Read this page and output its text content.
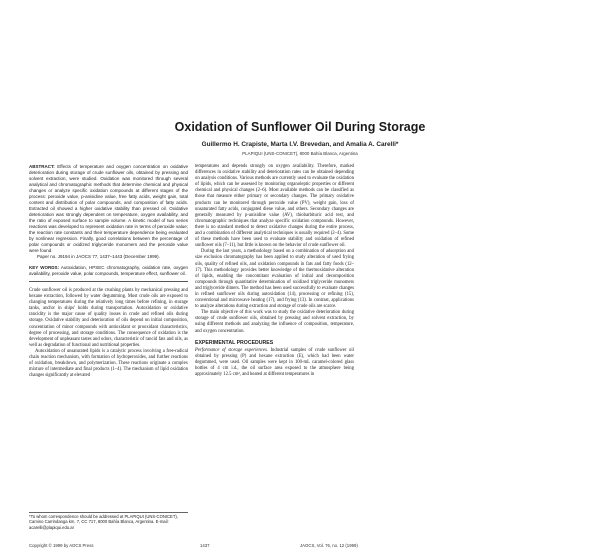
Oxidation of Sunflower Oil During Storage
Guillermo H. Crapiste, Marta I.V. Brevedan, and Amalia A. Carelli*
PLAPIQUI (UNS-CONICET), 8000 Bahía Blanca, Argentina
ABSTRACT: Effects of temperature and oxygen concentration on oxidative deterioration during storage of crude sunflower oils, obtained by pressing and solvent extraction, were studied. Oxidation was monitored through several analytical and chromatographic methods that determine chemical and physical changes or analyze specific oxidation compounds at different stages of the process: peroxide value, p-anisidine value, free fatty acids, weight gain, total content and distribution of polar compounds, and composition of fatty acids. Extracted oil showed a higher oxidative stability than pressed oil. Oxidative deterioration was strongly dependent on temperature, oxygen availability, and the ratio of exposed surface to sample volume. A kinetic model of two series reactions was developed to represent oxidation rate in terms of peroxide value; the reaction rate constants and their temperature dependence being evaluated by nonlinear regression. Finally, good correlations between the percentage of polar compounds or oxidized triglyceride monomers and the peroxide value were found.
Paper no. J9194 in JAOCS 77, 1437–1443 (December 1999).
KEY WORDS: Autoxidation, HPSEC chromatography, oxidation rate, oxygen availability, peroxide value, polar compounds, temperature effect, sunflower oil.

Crude sunflower oil is produced at the crushing plants by mechanical pressing and hexane extraction, followed by water degumming. Most crude oils are exposed to changing temperatures during the relatively long times before refining, in storage tanks, and/or in ships' holds during transportation. Autoxidation or oxidative rancidity is the major cause of quality losses in crude and refined oils during storage. Oxidative stability and deterioration of oils depend on initial composition, concentration of minor compounds with antioxidant or prooxidant characteristics, degree of processing, and storage conditions. The consequence of oxidation is the development of unpleasant tastes and odors, characteristic of rancid fats and oils, as well as degradation of functional and nutritional properties.

Autoxidation of unsaturated lipids is a catalytic process involving a free-radical chain reaction mechanism, with formation of hydroperoxides, and further reactions of oxidation, breakdown, and polymerization. These reactions originate a complex mixture of intermediate and final products (1–4). The mechanism of lipid oxidation changes significantly at elevated

*To whom correspondence should be addressed at PLAPIQUI (UNS-CONICET), Camino Carrindanga km. 7, CC 717, 8000 Bahía Blanca, Argentina. E-mail: acarelli@plapiqui.edu.ar

temperatures and depends strongly on oxygen availability. Therefore, marked differences in oxidative stability and deterioration rates can be obtained depending on analysis conditions. Various methods are currently used to evaluate the oxidation of lipids, which can be assessed by monitoring organoleptic properties or different chemical and physical changes (2–6). Most available methods can be classified as those that measure either primary or secondary changes. The primary oxidative products can be monitored through peroxide value (PV), weight gain, loss of unsaturated fatty acids, conjugated diene value, and others. Secondary changes are generally measured by p-anisidine value (AV), thiobarbituric acid test, and chromatographic techniques that analyze specific oxidation compounds. However, there is no standard method to detect oxidative changes during the entire process, and a combination of different analytical techniques is usually required (2–4). Some of these methods have been used to evaluate stability and oxidation of refined sunflower oils (7–11), but little is known on the behavior of crude sunflower oil.

During the last years, a methodology based on a combination of adsorption and size exclusion chromatography has been applied to study alteration of used frying oils, quality of refined oils, and oxidation compounds in fats and fatty foods (12–17). This methodology provides better knowledge of the thermoxidative alteration of lipids, enabling the concomitant evaluation of initial and decomposition compounds through quantitative determination of oxidized triglyceride monomers and triglyceride dimers. The method has been used successfully to evaluate changes in refined sunflower oils during autoxidation (14), processing or refining (15), conventional and microwave heating (17), and frying (13). In contrast, applications to analyze alterations during extraction and storage of crude oils are scarce.

The main objective of this work was to study the oxidative deterioration during storage of crude sunflower oils, obtained by pressing and solvent extraction, by using different methods and analyzing the influence of composition, temperature, and oxygen concentration.

EXPERIMENTAL PROCEDURES

Performance of storage experiences. Industrial samples of crude sunflower oil obtained by pressing (P) and hexane extraction (E), which had been water degummed, were used. Oil samples were kept in 100-mL caramel-colored glass bottles of 4 cm i.d., the oil surface area exposed to the atmosphere being approximately 12.5 cm², and heated at different temperatures in

Copyright © 1999 by AOCS Press	1437	JAOCS, Vol. 76, no. 12 (1999)
